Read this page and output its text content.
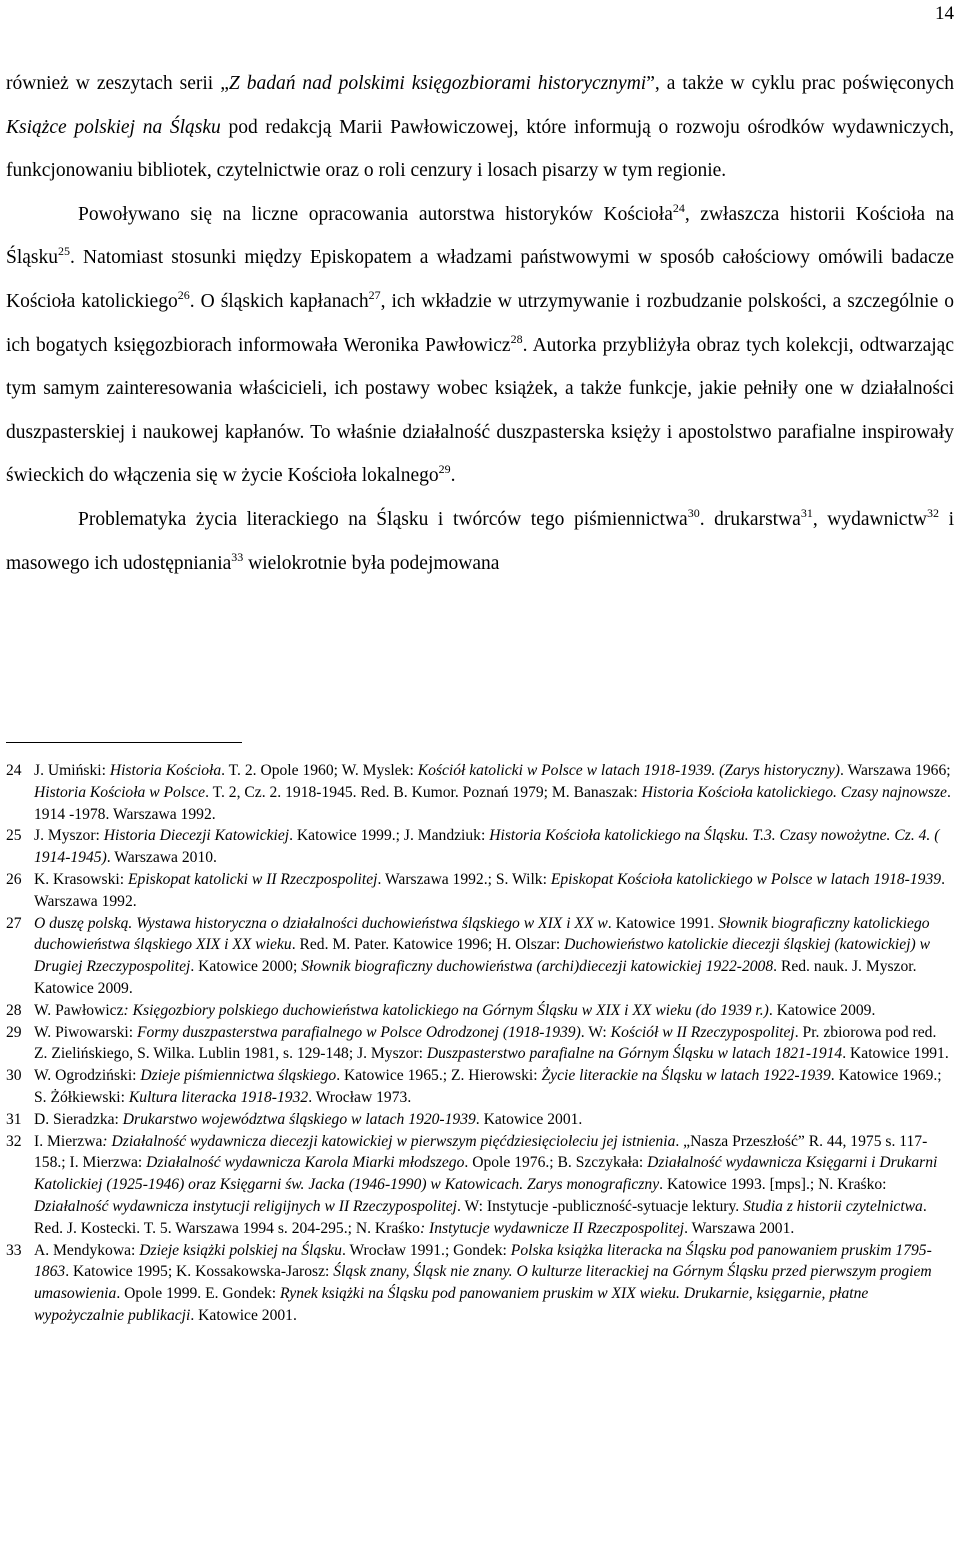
14

również w zeszytach serii „Z badań nad polskimi księgozbiorami historycznymi”, a także w cyklu prac poświęconych Książce polskiej na Śląsku pod redakcją Marii Pawłowiczowej, które informują o rozwoju ośrodków wydawniczych, funkcjonowaniu bibliotek, czytelnictwie oraz o roli cenzury i losach pisarzy w tym regionie.

Powoływano się na liczne opracowania autorstwa historyków Kościoła$^{24}$, zwłaszcza historii Kościoła na Śląsku$^{25}$. Natomiast stosunki między Episkopatem a władzami państwowymi w sposób całościowy omówili badacze Kościoła katolickiego$^{26}$. O śląskich kapłanach$^{27}$, ich wkładzie w utrzymywanie i rozbudzanie polskości, a szczególnie o ich bogatych księgozbiorach informowała Weronika Pawłowicz$^{28}$. Autorka przybliżyła obraz tych kolekcji, odtwarzając tym samym zainteresowania właścicieli, ich postawy wobec książek, a także funkcje, jakie pełniły one w działalności duszpasterskiej i naukowej kapłanów. To właśnie działalność duszpasterska księży i apostolstwo parafialne inspirowały świeckich do włączenia się w życie Kościoła lokalnego$^{29}$.

Problematyka życia literackiego na Śląsku i twórców tego piśmiennictwa$^{30}$. drukarstwa$^{31}$, wydawnictw$^{32}$ i masowego ich udostępniania$^{33}$ wielokrotnie była podejmowana

24 J. Umiński: Historia Kościoła. T. 2. Opole 1960; W. Myslek: Kościół katolicki w Polsce w latach 1918-1939. (Zarys historyczny). Warszawa 1966; Historia Kościoła w Polsce. T. 2, Cz. 2. 1918-1945. Red. B. Kumor. Poznań 1979; M. Banaszak: Historia Kościoła katolickiego. Czasy najnowsze. 1914 -1978. Warszawa 1992.
25 J. Myszor: Historia Diecezji Katowickiej. Katowice 1999.; J. Mandziuk: Historia Kościoła katolickiego na Śląsku. T.3. Czasy nowożytne. Cz. 4. ( 1914-1945). Warszawa 2010.
26 K. Krasowski: Episkopat katolicki w II Rzeczpospolitej. Warszawa 1992.; S. Wilk: Episkopat Kościoła katolickiego w Polsce w latach 1918-1939. Warszawa 1992.
27 O duszę polską. Wystawa historyczna o działalności duchowieństwa śląskiego w XIX i XX w. Katowice 1991. Słownik biograficzny katolickiego duchowieństwa śląskiego XIX i XX wieku. Red. M. Pater. Katowice 1996; H. Olszar: Duchowieństwo katolickie diecezji śląskiej (katowickiej) w Drugiej Rzeczypospolitej. Katowice 2000; Słownik biograficzny duchowieństwa (archi)diecezji katowickiej 1922-2008. Red. nauk. J. Myszor. Katowice 2009.
28 W. Pawłowicz: Księgozbiory polskiego duchowieństwa katolickiego na Górnym Śląsku w XIX i XX wieku (do 1939 r.). Katowice 2009.
29 W. Piwowarski: Formy duszpasterstwa parafialnego w Polsce Odrodzonej (1918-1939). W: Kościół w II Rzeczypospolitej. Pr. zbiorowa pod red. Z. Zielińskiego, S. Wilka. Lublin 1981, s. 129-148; J. Myszor: Duszpasterstwo parafialne na Górnym Śląsku w latach 1821-1914. Katowice 1991.
30 W. Ogrodziński: Dzieje piśmiennictwa śląskiego. Katowice 1965.; Z. Hierowski: Życie literackie na Śląsku w latach 1922-1939. Katowice 1969.; S. Żółkiewski: Kultura literacka 1918-1932. Wrocław 1973.
31 D. Sieradzka: Drukarstwo województwa śląskiego w latach 1920-1939. Katowice 2001.
32 I. Mierzwa: Działalność wydawnicza diecezji katowickiej w pierwszym pięćdziesięcioleciu jej istnienia. „Nasza Przeszłość” R. 44, 1975 s. 117-158.; I. Mierzwa: Działalność wydawnicza Karola Miarki młodszego. Opole 1976.; B. Szczykała: Działalność wydawnicza Księgarni i Drukarni Katolickiej (1925-1946) oraz Księgarni św. Jacka (1946-1990) w Katowicach. Zarys monograficzny. Katowice 1993. [mps].; N. Kraśko: Działalność wydawnicza instytucji religijnych w II Rzeczypospolitej. W: Instytucje -publiczność-sytuacje lektury. Studia z historii czytelnictwa. Red. J. Kostecki. T. 5. Warszawa 1994 s. 204-295.; N. Kraśko: Instytucje wydawnicze II Rzeczpospolitej. Warszawa 2001.
33 A. Mendykowa: Dzieje książki polskiej na Śląsku. Wrocław 1991.; Gondek: Polska książka literacka na Śląsku pod panowaniem pruskim 1795-1863. Katowice 1995; K. Kossakowska-Jarosz: Śląsk znany, Śląsk nie znany. O kulturze literackiej na Górnym Śląsku przed pierwszym progiem umasowienia. Opole 1999. E. Gondek: Rynek książki na Śląsku pod panowaniem pruskim w XIX wieku. Drukarnie, księgarnie, płatne wypożyczalnie publikacji. Katowice 2001.
